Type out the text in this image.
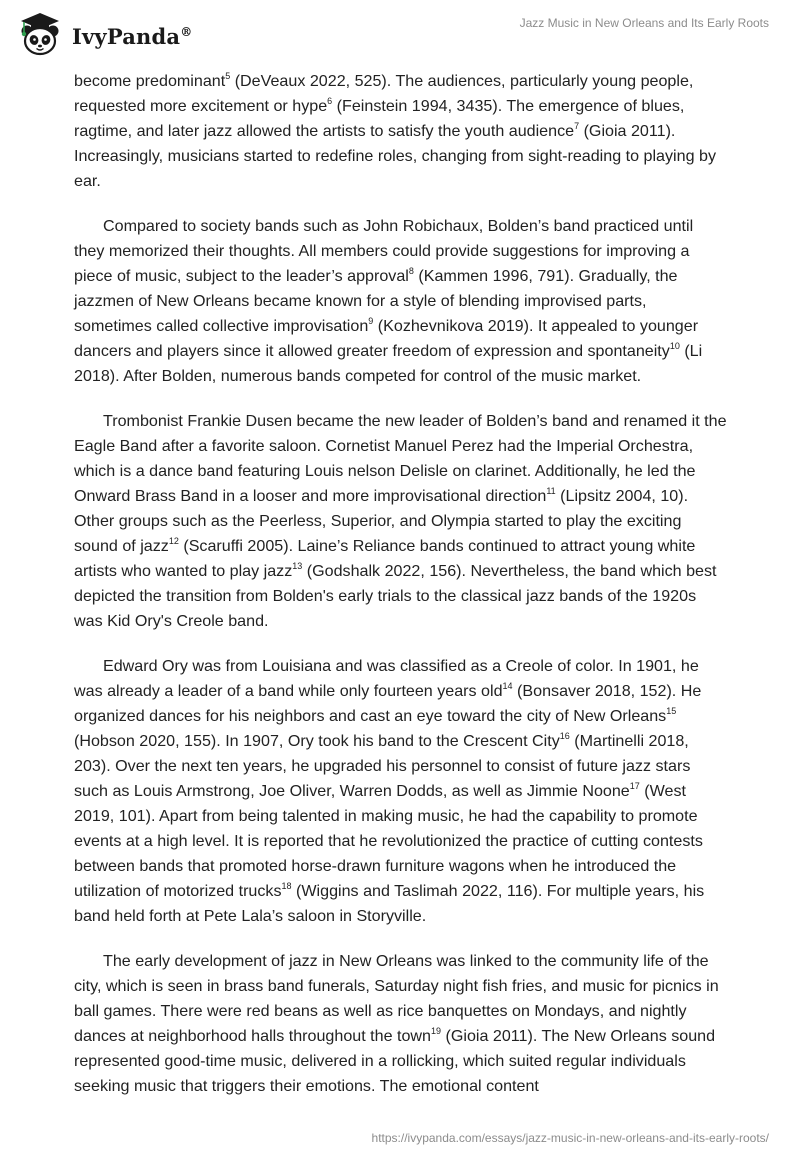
IvyPanda®
Jazz Music in New Orleans and Its Early Roots

become predominant$^5$ (DeVeaux 2022, 525). The audiences, particularly young people, requested more excitement or hype$^6$ (Feinstein 1994, 3435). The emergence of blues, ragtime, and later jazz allowed the artists to satisfy the youth audience$^7$ (Gioia 2011). Increasingly, musicians started to redefine roles, changing from sight-reading to playing by ear.

Compared to society bands such as John Robichaux, Bolden’s band practiced until they memorized their thoughts. All members could provide suggestions for improving a piece of music, subject to the leader’s approval$^8$ (Kammen 1996, 791). Gradually, the jazzmen of New Orleans became known for a style of blending improvised parts, sometimes called collective improvisation$^9$ (Kozhevnikova 2019). It appealed to younger dancers and players since it allowed greater freedom of expression and spontaneity$^{10}$ (Li 2018). After Bolden, numerous bands competed for control of the music market.

Trombonist Frankie Dusen became the new leader of Bolden’s band and renamed it the Eagle Band after a favorite saloon. Cornetist Manuel Perez had the Imperial Orchestra, which is a dance band featuring Louis nelson Delisle on clarinet. Additionally, he led the Onward Brass Band in a looser and more improvisational direction$^{11}$ (Lipsitz 2004, 10). Other groups such as the Peerless, Superior, and Olympia started to play the exciting sound of jazz$^{12}$ (Scaruffi 2005). Laine’s Reliance bands continued to attract young white artists who wanted to play jazz$^{13}$ (Godshalk 2022, 156). Nevertheless, the band which best depicted the transition from Bolden's early trials to the classical jazz bands of the 1920s was Kid Ory's Creole band.

Edward Ory was from Louisiana and was classified as a Creole of color. In 1901, he was already a leader of a band while only fourteen years old$^{14}$ (Bonsaver 2018, 152). He organized dances for his neighbors and cast an eye toward the city of New Orleans$^{15}$ (Hobson 2020, 155). In 1907, Ory took his band to the Crescent City$^{16}$ (Martinelli 2018, 203). Over the next ten years, he upgraded his personnel to consist of future jazz stars such as Louis Armstrong, Joe Oliver, Warren Dodds, as well as Jimmie Noone$^{17}$ (West 2019, 101). Apart from being talented in making music, he had the capability to promote events at a high level. It is reported that he revolutionized the practice of cutting contests between bands that promoted horse-drawn furniture wagons when he introduced the utilization of motorized trucks$^{18}$ (Wiggins and Taslimah 2022, 116). For multiple years, his band held forth at Pete Lala’s saloon in Storyville.

The early development of jazz in New Orleans was linked to the community life of the city, which is seen in brass band funerals, Saturday night fish fries, and music for picnics in ball games. There were red beans as well as rice banquettes on Mondays, and nightly dances at neighborhood halls throughout the town$^{19}$ (Gioia 2011). The New Orleans sound represented good-time music, delivered in a rollicking, which suited regular individuals seeking music that triggers their emotions. The emotional content

https://ivypanda.com/essays/jazz-music-in-new-orleans-and-its-early-roots/
